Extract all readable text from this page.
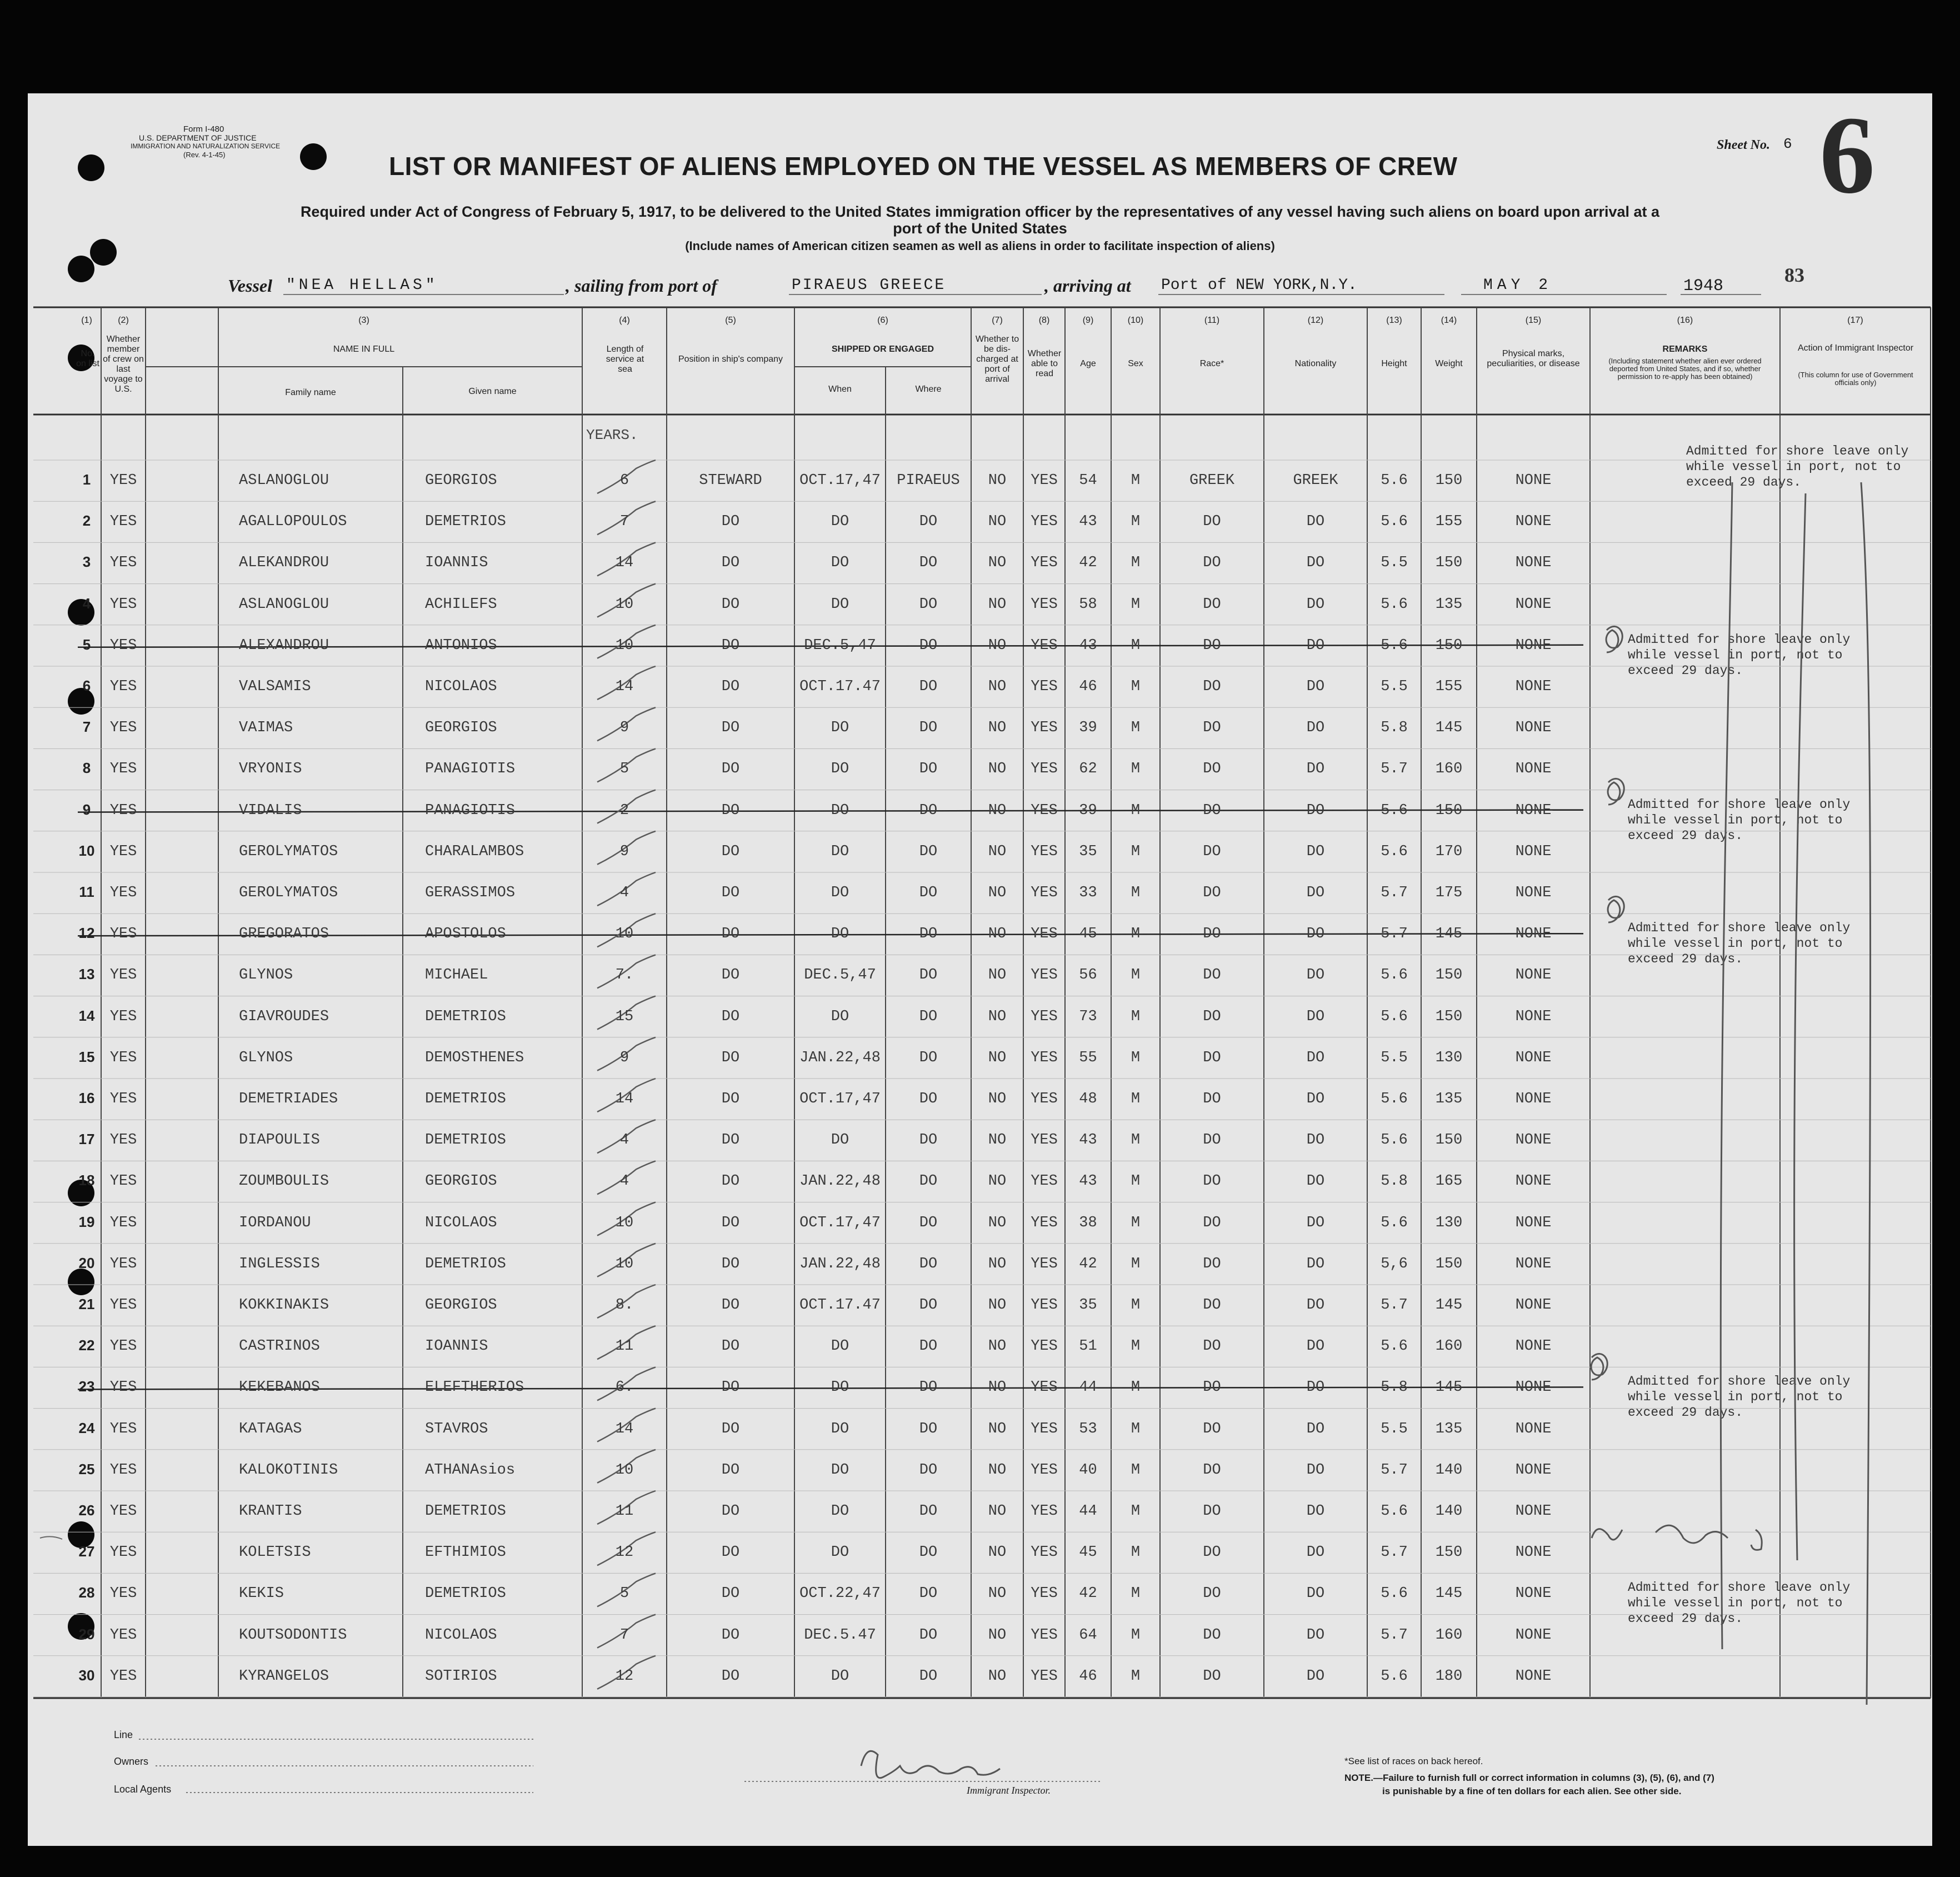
Form I-480
U.S. DEPARTMENT OF JUSTICE
IMMIGRATION AND NATURALIZATION SERVICE
(Rev. 4-1-45)
Sheet No. 6 6
LIST OR MANIFEST OF ALIENS EMPLOYED ON THE VESSEL AS MEMBERS OF CREW
Required under Act of Congress of February 5, 1917, to be delivered to the United States immigration officer by the representatives of any vessel having such aliens on board upon arrival at a
port of the United States
(Include names of American citizen seamen as well as aliens in order to facilitate inspection of aliens)
Vessel "NEA HELLAS"	, sailing from port of	PIRAEUS GREECE	, arriving at Port of NEW YORK,N.Y.	MAY 2	1948	83
(1)	(2)	(3)	(4)	(5)	(6)	(7)	(8)	(9)	(10)	(11)	(12)	(13)	(14)	(15)	(16)	(17)
No. on list
Whether member of crew on last voyage to U.S.
NAME IN FULL
Family name	Given name
Length of service at sea
Position in ship's company
SHIPPED OR ENGAGED
When	Where
Whether to be dis-charged at port of arrival
Whether able to read
Age	Sex	Race*	Nationality	Height	Weight
Physical marks, peculiarities, or disease
REMARKS
(Including statement whether alien ever ordered deported from United States, and if so, whether permission to re-apply has been obtained)
Action of Immigrant Inspector
(This column for use of Government officials only)
YEARS.
1	YES	ASLANOGLOU	GEORGIOS	6	STEWARD	OCT.17,47	PIRAEUS	NO	YES	54	M	GREEK	GREEK	5.6	150	NONE
2	YES	AGALLOPOULOS	DEMETRIOS	7	DO	DO	DO	NO	YES	43	M	DO	DO	5.6	155	NONE
3	YES	ALEKANDROU	IOANNIS	14	DO	DO	DO	NO	YES	42	M	DO	DO	5.5	150	NONE
4	YES	ASLANOGLOU	ACHILEFS	10	DO	DO	DO	NO	YES	58	M	DO	DO	5.6	135	NONE
5	YES	ALEXANDROU	ANTONIOS	10	DO	DEC.5,47	DO	NO	YES	43	M	DO	DO	5.6	150	NONE
6	YES	VALSAMIS	NICOLAOS	14	DO	OCT.17.47	DO	NO	YES	46	M	DO	DO	5.5	155	NONE
7	YES	VAIMAS	GEORGIOS	9	DO	DO	DO	NO	YES	39	M	DO	DO	5.8	145	NONE
8	YES	VRYONIS	PANAGIOTIS	5	DO	DO	DO	NO	YES	62	M	DO	DO	5.7	160	NONE
9	YES	VIDALIS	PANAGIOTIS	2	DO	DO	DO	NO	YES	39	M	DO	DO	5.6	150	NONE
10	YES	GEROLYMATOS	CHARALAMBOS	9	DO	DO	DO	NO	YES	35	M	DO	DO	5.6	170	NONE
11	YES	GEROLYMATOS	GERASSIMOS	4	DO	DO	DO	NO	YES	33	M	DO	DO	5.7	175	NONE
12	YES	GREGORATOS	APOSTOLOS	10	DO	DO	DO	NO	YES	45	M	DO	DO	5.7	145	NONE
13	YES	GLYNOS	MICHAEL	7.	DO	DEC.5,47	DO	NO	YES	56	M	DO	DO	5.6	150	NONE
14	YES	GIAVROUDES	DEMETRIOS	15	DO	DO	DO	NO	YES	73	M	DO	DO	5.6	150	NONE
15	YES	GLYNOS	DEMOSTHENES	9	DO	JAN.22,48	DO	NO	YES	55	M	DO	DO	5.5	130	NONE
16	YES	DEMETRIADES	DEMETRIOS	14	DO	OCT.17,47	DO	NO	YES	48	M	DO	DO	5.6	135	NONE
17	YES	DIAPOULIS	DEMETRIOS	4	DO	DO	DO	NO	YES	43	M	DO	DO	5.6	150	NONE
18	YES	ZOUMBOULIS	GEORGIOS	4	DO	JAN.22,48	DO	NO	YES	43	M	DO	DO	5.8	165	NONE
19	YES	IORDANOU	NICOLAOS	10	DO	OCT.17,47	DO	NO	YES	38	M	DO	DO	5.6	130	NONE
20	YES	INGLESSIS	DEMETRIOS	10	DO	JAN.22,48	DO	NO	YES	42	M	DO	DO	5,6	150	NONE
21	YES	KOKKINAKIS	GEORGIOS	8.	DO	OCT.17.47	DO	NO	YES	35	M	DO	DO	5.7	145	NONE
22	YES	CASTRINOS	IOANNIS	11	DO	DO	DO	NO	YES	51	M	DO	DO	5.6	160	NONE
23	YES	KEKEBANOS	ELEFTHERIOS	6.	DO	DO	DO	NO	YES	44	M	DO	DO	5.8	145	NONE
24	YES	KATAGAS	STAVROS	14	DO	DO	DO	NO	YES	53	M	DO	DO	5.5	135	NONE
25	YES	KALOKOTINIS	ATHANAsios	10	DO	DO	DO	NO	YES	40	M	DO	DO	5.7	140	NONE
26	YES	KRANTIS	DEMETRIOS	11	DO	DO	DO	NO	YES	44	M	DO	DO	5.6	140	NONE
27	YES	KOLETSIS	EFTHIMIOS	12	DO	DO	DO	NO	YES	45	M	DO	DO	5.7	150	NONE
28	YES	KEKIS	DEMETRIOS	5	DO	OCT.22,47	DO	NO	YES	42	M	DO	DO	5.6	145	NONE
29	YES	KOUTSODONTIS	NICOLAOS	7	DO	DEC.5.47	DO	NO	YES	64	M	DO	DO	5.7	160	NONE
30	YES	KYRANGELOS	SOTIRIOS	12	DO	DO	DO	NO	YES	46	M	DO	DO	5.6	180	NONE
Admitted for shore leave only
while vessel in port, not to
exceed 29 days.
Admitted for shore leave only
while vessel in port, not to
exceed 29 days.
Admitted for shore leave only
while vessel in port, not to
exceed 29 days.
Admitted for shore leave only
while vessel in port, not to
exceed 29 days.
Admitted for shore leave only
while vessel in port, not to
exceed 29 days.
Admitted for shore leave only
while vessel in port, not to
exceed 29 days.
Line
Owners
Local Agents	Immigrant Inspector.
*See list of races on back hereof.
NOTE.—Failure to furnish full or correct information in columns (3), (5), (6), and (7)
is punishable by a fine of ten dollars for each alien. See other side.
